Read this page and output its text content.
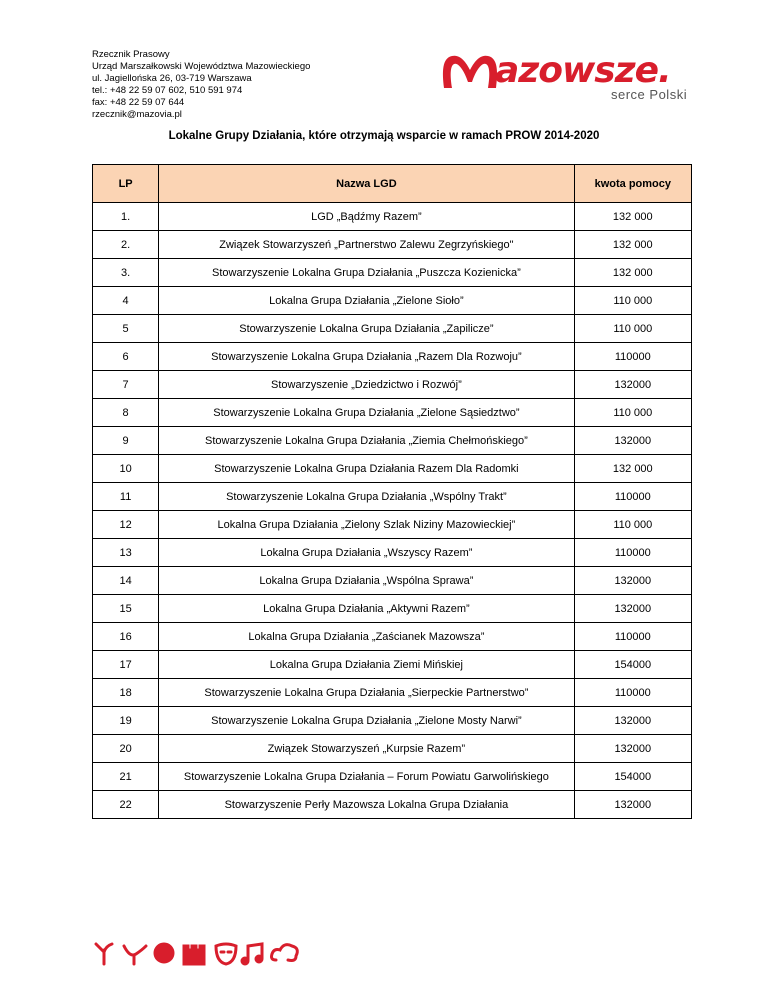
Rzecznik Prasowy
Urząd Marszałkowski Województwa Mazowieckiego
ul. Jagiellońska 26, 03-719 Warszawa
tel.: +48 22 59 07 602, 510 591 974
fax: +48 22 59 07 644
rzecznik@mazovia.pl
azowsze.
serce Polski
Lokalne Grupy Działania, które otrzymają wsparcie w ramach PROW 2014-2020
LP	Nazwa LGD	kwota pomocy
1.	LGD „Bądźmy Razem”	132 000
2.	Związek Stowarzyszeń „Partnerstwo Zalewu Zegrzyńskiego"	132 000
3.	Stowarzyszenie Lokalna Grupa Działania „Puszcza Kozienicka”	132 000
4	Lokalna Grupa Działania „Zielone Sioło”	110 000
5	Stowarzyszenie Lokalna Grupa Działania „Zapilicze”	110 000
6	Stowarzyszenie Lokalna Grupa Działania „Razem Dla Rozwoju”	110000
7	Stowarzyszenie „Dziedzictwo i Rozwój”	132000
8	Stowarzyszenie Lokalna Grupa Działania „Zielone Sąsiedztwo”	110 000
9	Stowarzyszenie Lokalna Grupa Działania „Ziemia Chełmońskiego”	132000
10	Stowarzyszenie Lokalna Grupa Działania Razem Dla Radomki	132 000
11	Stowarzyszenie Lokalna Grupa Działania „Wspólny Trakt”	110000
12	Lokalna Grupa Działania „Zielony Szlak Niziny Mazowieckiej”	110 000
13	Lokalna Grupa Działania „Wszyscy Razem”	110000
14	Lokalna Grupa Działania „Wspólna Sprawa”	132000
15	Lokalna Grupa Działania „Aktywni Razem”	132000
16	Lokalna Grupa Działania „Zaścianek Mazowsza”	110000
17	Lokalna Grupa Działania Ziemi Mińskiej	154000
18	Stowarzyszenie Lokalna Grupa Działania „Sierpeckie Partnerstwo”	110000
19	Stowarzyszenie Lokalna Grupa Działania „Zielone Mosty Narwi”	132000
20	Związek Stowarzyszeń „Kurpsie Razem”	132000
21	Stowarzyszenie Lokalna Grupa Działania – Forum Powiatu Garwolińskiego	154000
22	Stowarzyszenie Perły Mazowsza Lokalna Grupa Działania	132000
